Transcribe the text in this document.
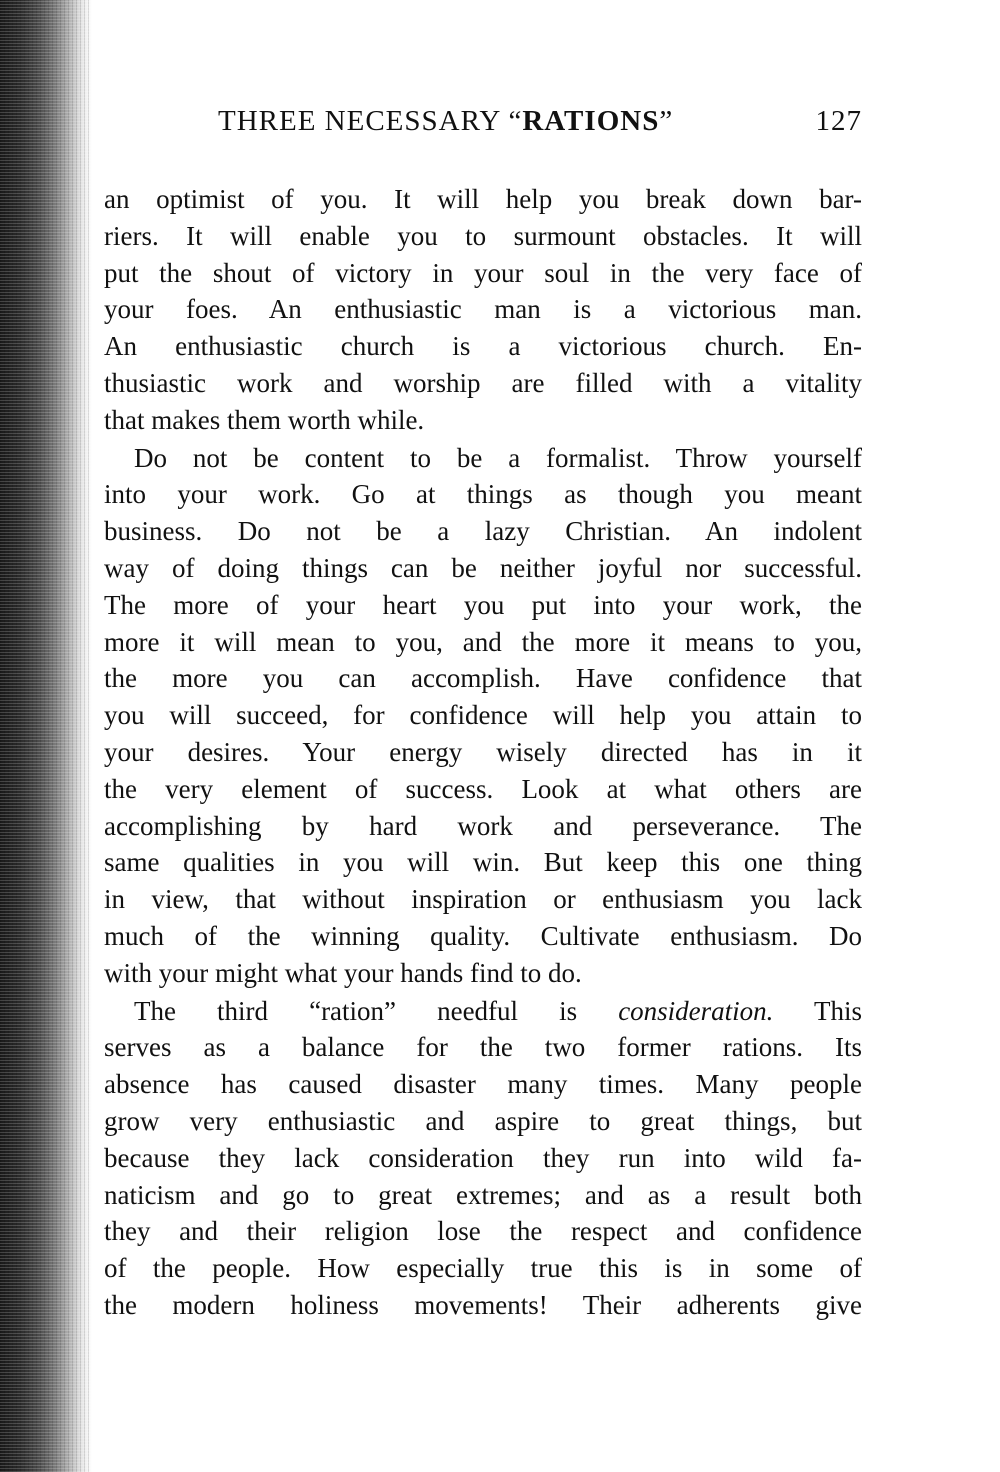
THREE NECESSARY “RATIONS”	127
an optimist of you. It will help you break down bar-
riers. It will enable you to surmount obstacles. It will
put the shout of victory in your soul in the very face of
your foes. An enthusiastic man is a victorious man.
An enthusiastic church is a victorious church. En-
thusiastic work and worship are filled with a vitality
that makes them worth while.
Do not be content to be a formalist. Throw yourself
into your work. Go at things as though you meant
business. Do not be a lazy Christian. An indolent
way of doing things can be neither joyful nor successful.
The more of your heart you put into your work, the
more it will mean to you, and the more it means to you,
the more you can accomplish. Have confidence that
you will succeed, for confidence will help you attain to
your desires. Your energy wisely directed has in it
the very element of success. Look at what others are
accomplishing by hard work and perseverance. The
same qualities in you will win. But keep this one thing
in view, that without inspiration or enthusiasm you lack
much of the winning quality. Cultivate enthusiasm. Do
with your might what your hands find to do.
The third “ration” needful is consideration. This
serves as a balance for the two former rations. Its
absence has caused disaster many times. Many people
grow very enthusiastic and aspire to great things, but
because they lack consideration they run into wild fa-
naticism and go to great extremes; and as a result both
they and their religion lose the respect and confidence
of the people. How especially true this is in some of
the modern holiness movements! Their adherents give
